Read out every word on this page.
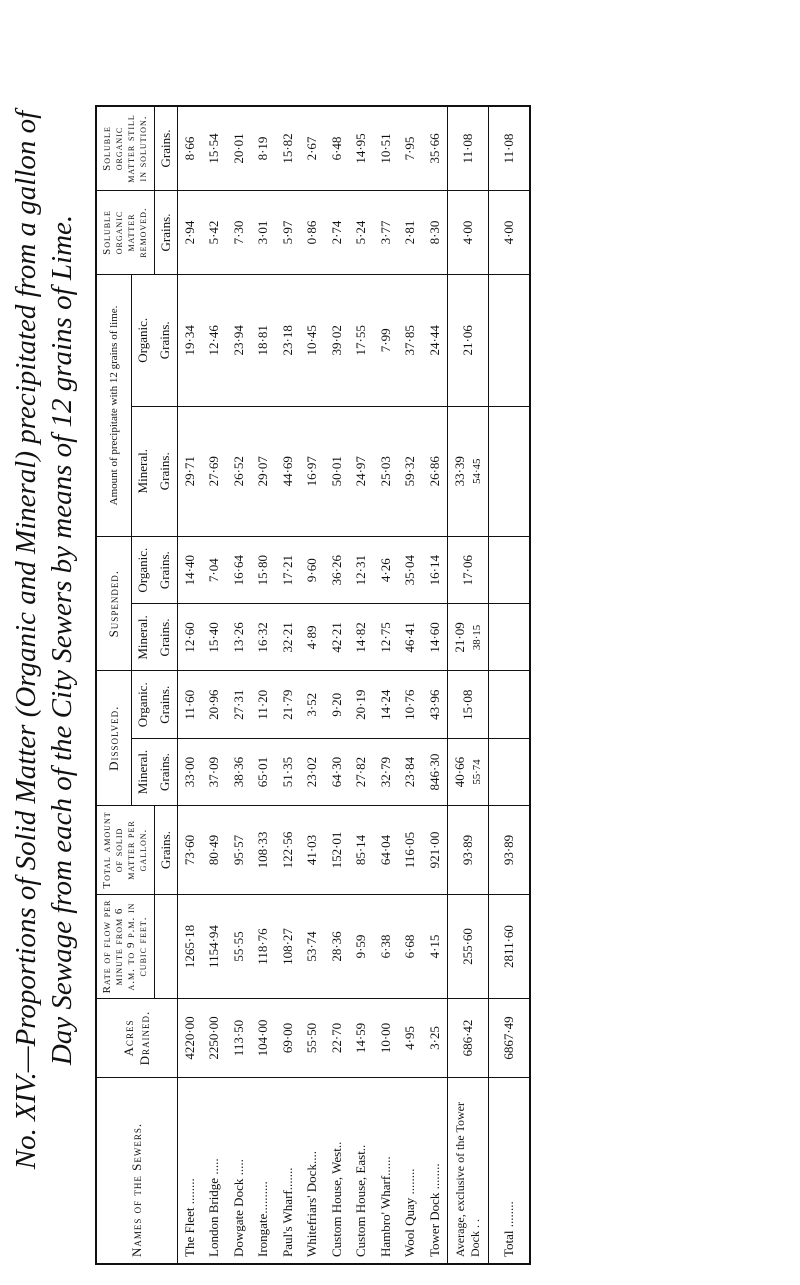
No. XIV.—Proportions of Solid Matter (Organic and Mineral) precipitated from a gallon of Day Sewage from each of the City Sewers by means of 12 grains of Lime.
Names of the Sewers.	Acres Drained.	Rate of flow per minute from 6 a.m. to 9 p.m. in cubic feet.	Total amount of solid matter per gallon.	Dissolved.		Suspended.		Amount of precipitate with 12 grains of lime.		Soluble organic matter removed.	Soluble organic matter still in solution.
				Mineral.	Organic.	Mineral.	Organic.	Mineral.	Organic.		
			Grains.	Grains.	Grains.	Grains.	Grains.	Grains.	Grains.	Grains.	Grains.
The Fleet ........	4220·00	1265·18	73·60	33·00	11·60	12·60	14·40	29·71	19·34	2·94	8·66
London Bridge .....	2250·00	1154·94	80·49	37·09	20·96	15·40	7·04	27·69	12·46	5·42	15·54
Dowgate Dock .....	113·50	55·55	95·57	38·36	27·31	13·26	16·64	26·52	23·94	7·30	20·01
Irongate..........	104·00	118·76	108·33	65·01	11·20	16·32	15·80	29·07	18·81	3·01	8·19
Paul's Wharf.......	69·00	108·27	122·56	51·35	21·79	32·21	17·21	44·69	23·18	5·97	15·82
Whitefriars' Dock....	55·50	53·74	41·03	23·02	3·52	4·89	9·60	16·97	10·45	0·86	2·67
Custom House, West..	22·70	28·36	152·01	64·30	9·20	42·21	36·26	50·01	39·02	2·74	6·48
Custom House, East..	14·59	9·59	85·14	27·82	20·19	14·82	12·31	24·97	17·55	5·24	14·95
Hambro' Wharf......	10·00	6·38	64·04	32·79	14·24	12·75	4·26	25·03	7·99	3·77	10·51
Wool Quay ........	4·95	6·68	116·05	23·84	10·76	46·41	35·04	59·32	37·85	2·81	7·95
Tower Dock ........	3·25	4·15	921·00	846·30	43·96	14·60	16·14	26·86	24·44	8·30	35·66
Average, exclusive of the Tower Dock . .	686·42	255·60	93·89	40·66 55·74	15·08	21·09 38·15	17·06	33·39 54·45	21·06	4·00	11·08
Total ........	6867·49	2811·60	93·89							4·00	11·08
